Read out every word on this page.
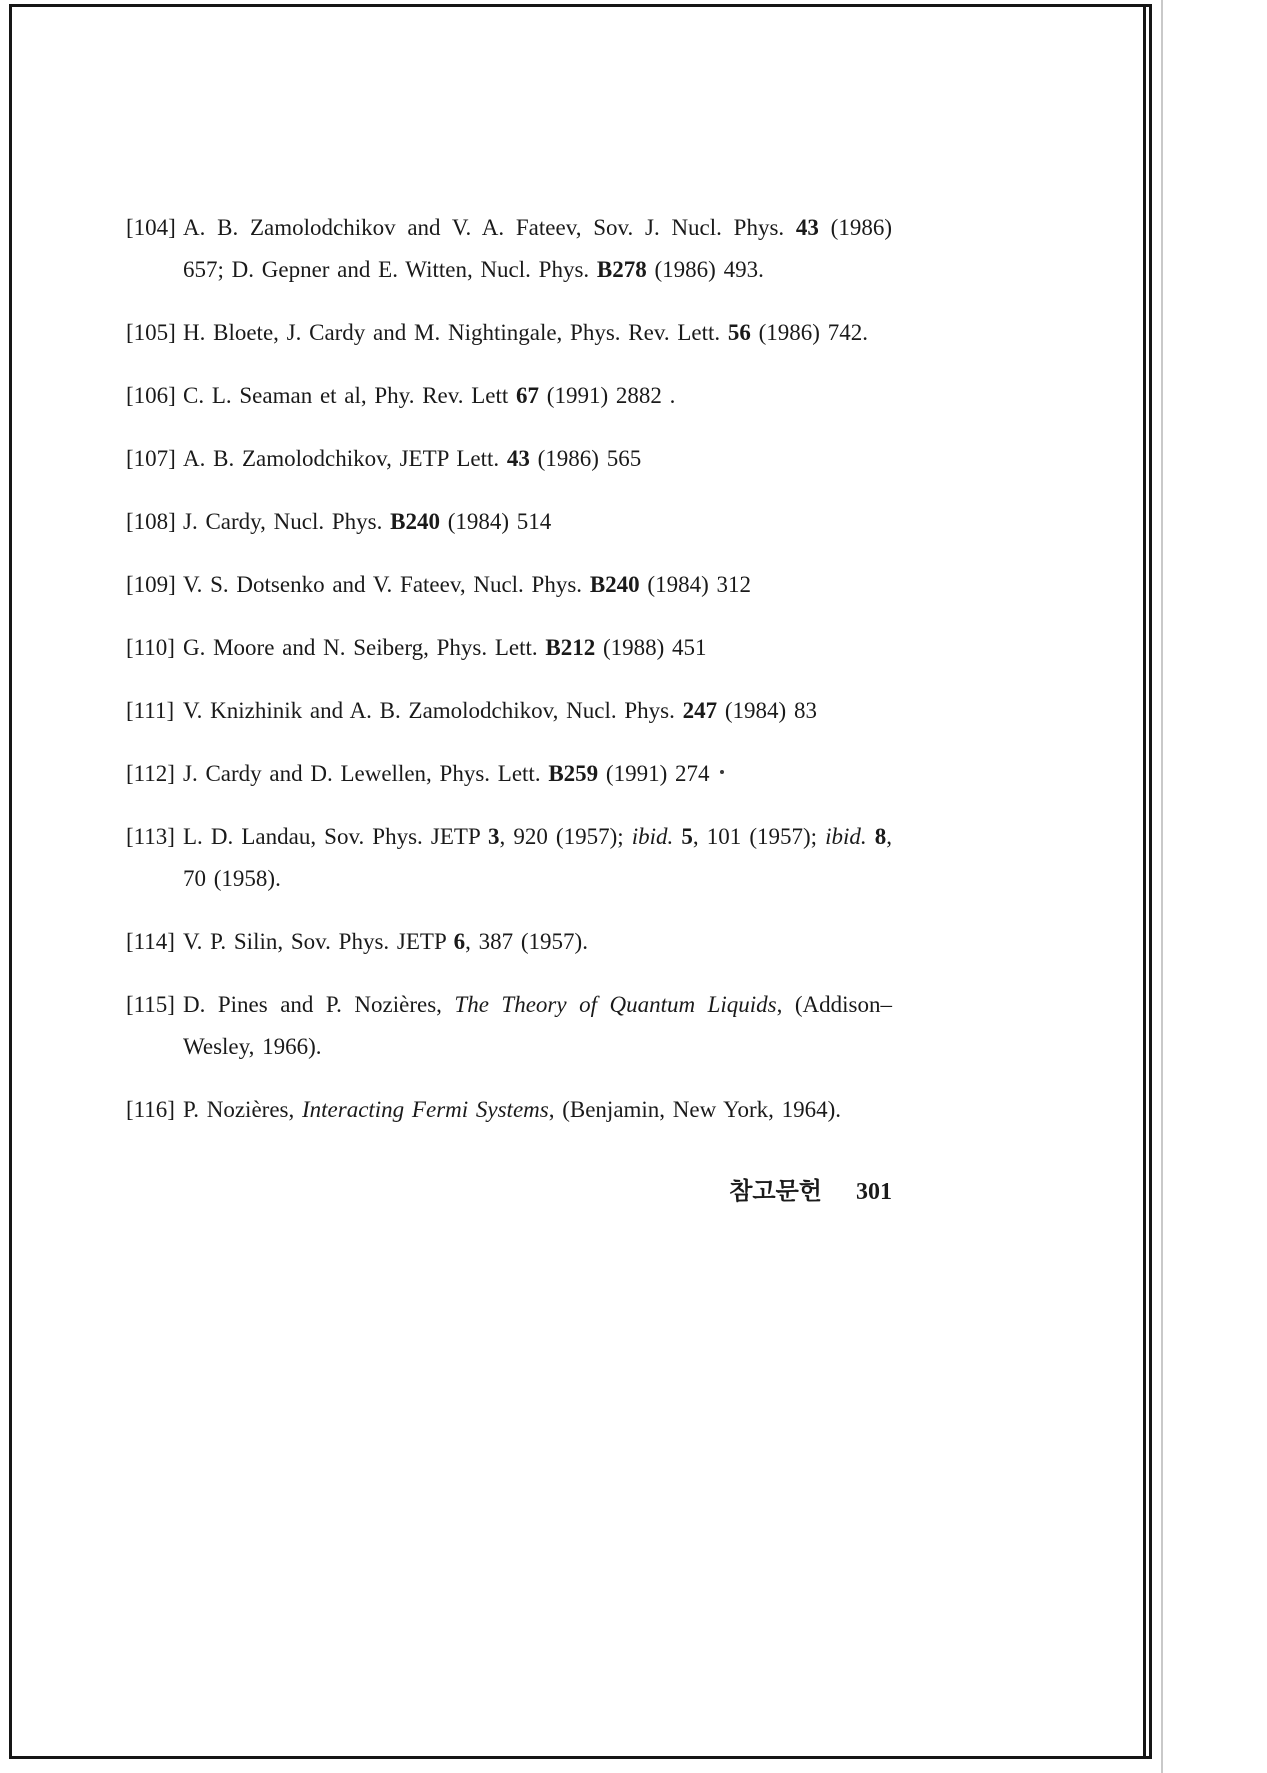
[104] A. B. Zamolodchikov and V. A. Fateev, Sov. J. Nucl. Phys. 43 (1986) 657; D. Gepner and E. Witten, Nucl. Phys. B278 (1986) 493.
[105] H. Bloete, J. Cardy and M. Nightingale, Phys. Rev. Lett. 56 (1986) 742.
[106] C. L. Seaman et al, Phy. Rev. Lett 67 (1991) 2882 .
[107] A. B. Zamolodchikov, JETP Lett. 43 (1986) 565
[108] J. Cardy, Nucl. Phys. B240 (1984) 514
[109] V. S. Dotsenko and V. Fateev, Nucl. Phys. B240 (1984) 312
[110] G. Moore and N. Seiberg, Phys. Lett. B212 (1988) 451
[111] V. Knizhinik and A. B. Zamolodchikov, Nucl. Phys. 247 (1984) 83
[112] J. Cardy and D. Lewellen, Phys. Lett. B259 (1991) 274
[113] L. D. Landau, Sov. Phys. JETP 3, 920 (1957); ibid. 5, 101 (1957); ibid. 8, 70 (1958).
[114] V. P. Silin, Sov. Phys. JETP 6, 387 (1957).
[115] D. Pines and P. Nozières, The Theory of Quantum Liquids, (Addison–Wesley, 1966).
[116] P. Nozières, Interacting Fermi Systems, (Benjamin, New York, 1964).
참고문헌 301
